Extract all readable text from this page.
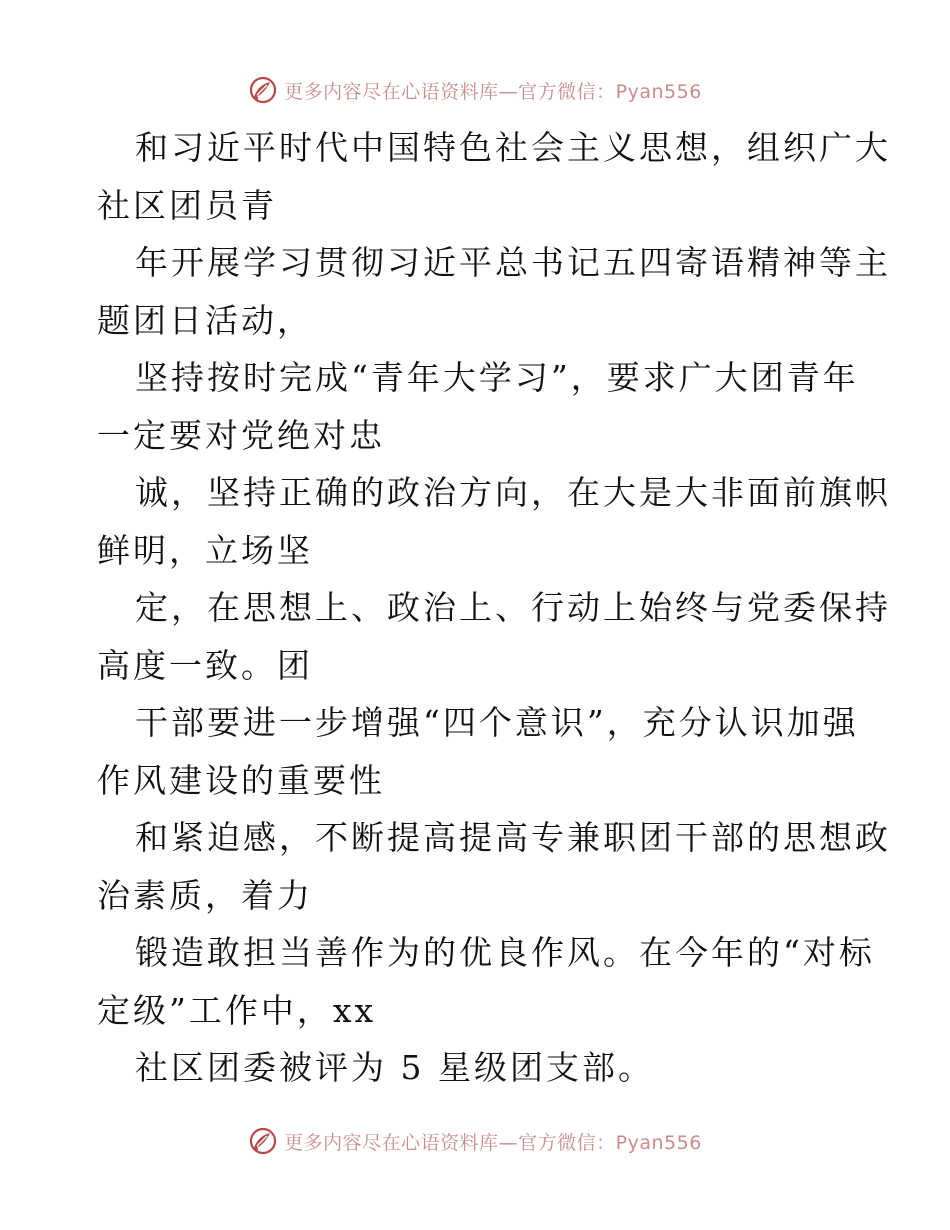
更多内容尽在心语资料库—官方微信：Pyan556

和习近平时代中国特色社会主义思想，组织广大

社区团员青

年开展学习贯彻习近平总书记五四寄语精神等主

题团日活动，

坚持按时完成“青年大学习”，要求广大团青年

一定要对党绝对忠

诚，坚持正确的政治方向，在大是大非面前旗帜

鲜明，立场坚

定，在思想上、政治上、行动上始终与党委保持

高度一致。团

干部要进一步增强“四个意识”，充分认识加强

作风建设的重要性

和紧迫感，不断提高提高专兼职团干部的思想政

治素质，着力

锻造敢担当善作为的优良作风。在今年的“对标

定级”工作中，xx

社区团委被评为 5 星级团支部。

更多内容尽在心语资料库—官方微信：Pyan556
